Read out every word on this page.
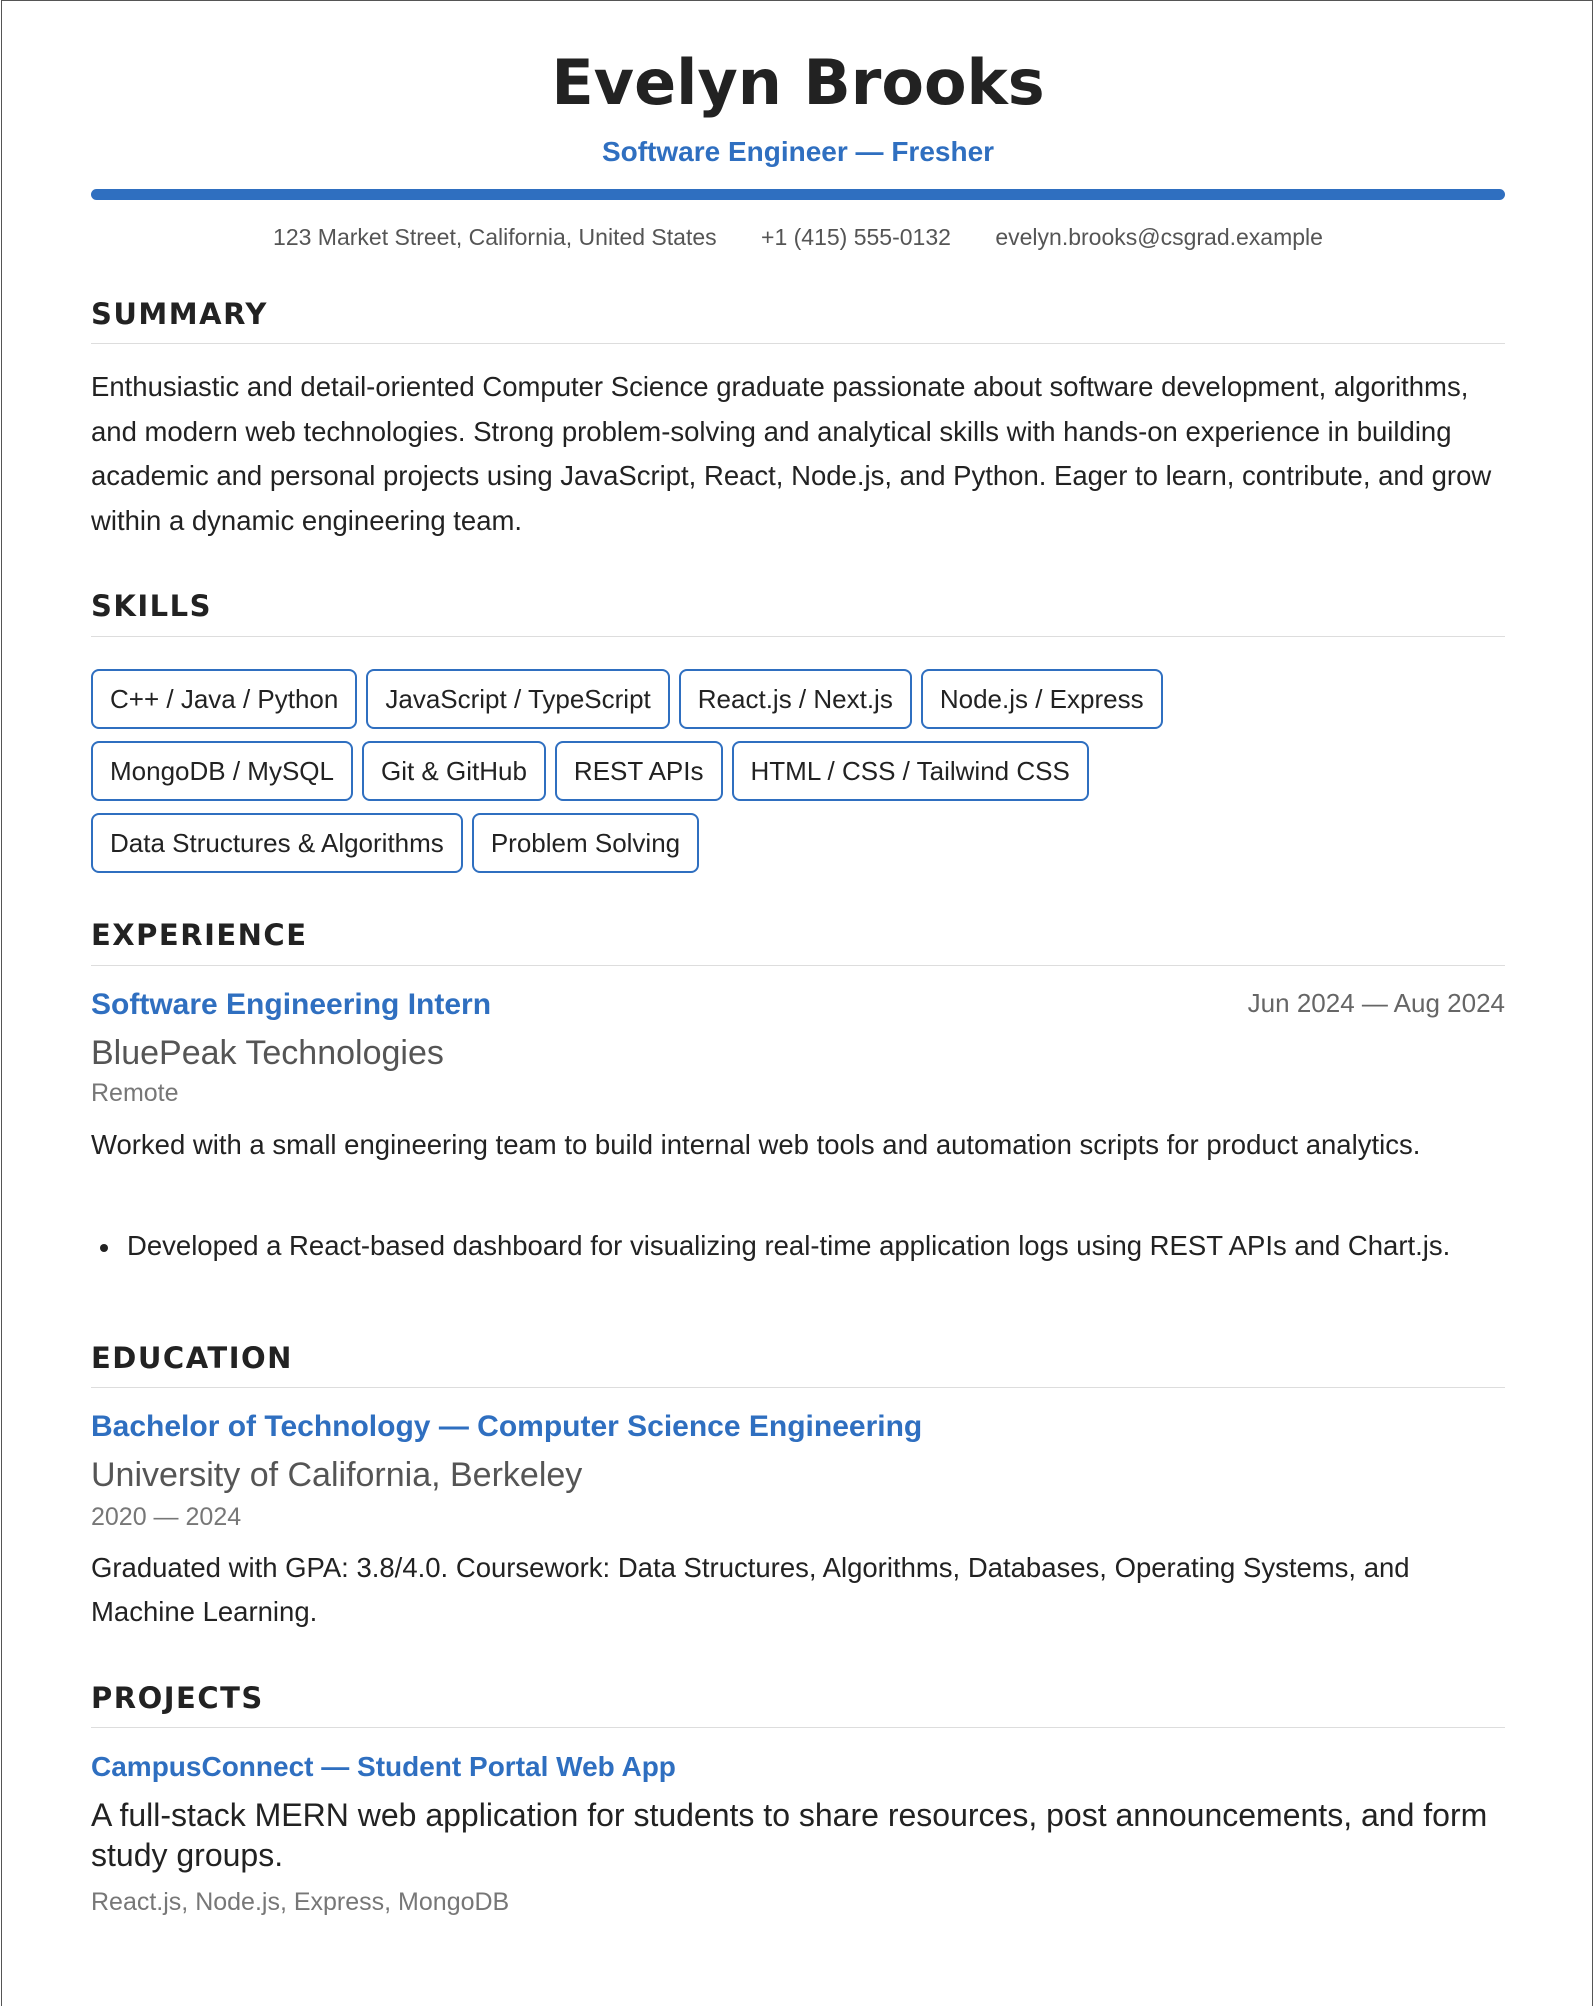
Evelyn Brooks
Software Engineer — Fresher
123 Market Street, California, United States +1 (415) 555-0132 evelyn.brooks@csgrad.example
SUMMARY
Enthusiastic and detail-oriented Computer Science graduate passionate about software development, algorithms, and modern web technologies. Strong problem-solving and analytical skills with hands-on experience in building academic and personal projects using JavaScript, React, Node.js, and Python. Eager to learn, contribute, and grow within a dynamic engineering team.
SKILLS
C++ / Java / Python JavaScript / TypeScript React.js / Next.js Node.js / Express
MongoDB / MySQL Git & GitHub REST APIs HTML / CSS / Tailwind CSS
Data Structures & Algorithms Problem Solving
EXPERIENCE
Software Engineering Intern	Jun 2024 — Aug 2024
BluePeak Technologies
Remote
Worked with a small engineering team to build internal web tools and automation scripts for product analytics.
Developed a React-based dashboard for visualizing real-time application logs using REST APIs and Chart.js.
EDUCATION
Bachelor of Technology — Computer Science Engineering
University of California, Berkeley
2020 — 2024
Graduated with GPA: 3.8/4.0. Coursework: Data Structures, Algorithms, Databases, Operating Systems, and Machine Learning.
PROJECTS
CampusConnect — Student Portal Web App
A full-stack MERN web application for students to share resources, post announcements, and form study groups.
React.js, Node.js, Express, MongoDB
